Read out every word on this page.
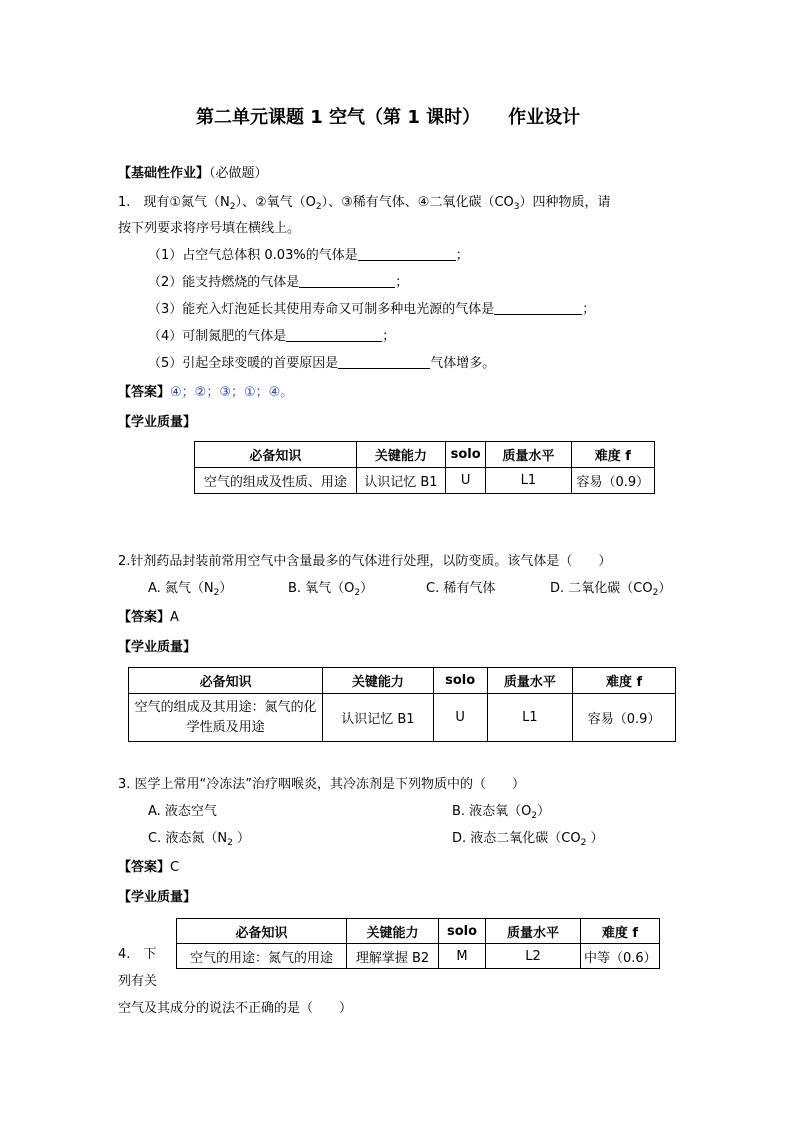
第二单元课题 1 空气（第 1 课时） 作业设计
【基础性作业】（必做题）
1.　现有①氮气$(N_2)$、②氧气$(O_2)$、③稀有气体、④二氧化碳$(CO_3)$四种物质，请
按下列要求将序号填在横线上。
（1）占空气总体积 0.03%的气体是	；
（2）能支持燃烧的气体是	；
（3）能充入灯泡延长其使用寿命又可制多种电光源的气体是	；
（4）可制氮肥的气体是	；
（5）引起全球变暖的首要原因是	气体增多。
【答案】④；②；③；①；④。
【学业质量】
必备知识	关键能力	solo	质量水平	难度 f
空气的组成及性质、用途	认识记忆 B1	U	L1	容易（0.9）
2.针剂药品封装前常用空气中含量最多的气体进行处理，以防变质。该气体是（　　）
A. 氮气$(N_2)$	B. 氧气$(O_2)$	C. 稀有气体	D. 二氧化碳$(CO_2)$
【答案】A
【学业质量】
必备知识	关键能力	solo	质量水平	难度 f
空气的组成及其用途：氮气的化学性质及用途	认识记忆 B1	U	L1	容易（0.9）
3. 医学上常用“冷冻法”治疗咽喉炎，其冷冻剂是下列物质中的（　　）
A. 液态空气	B. 液态氧$(O_2)$
C. 液态氮（$N_2$ ）	D. 液态二氧化碳（$CO_2$ ）
【答案】C
【学业质量】
必备知识	关键能力	solo	质量水平	难度 f
空气的用途：氮气的用途	理解掌握 B2	M	L2	中等（0.6）
4.　下
列有关
空气及其成分的说法不正确的是（　　）
